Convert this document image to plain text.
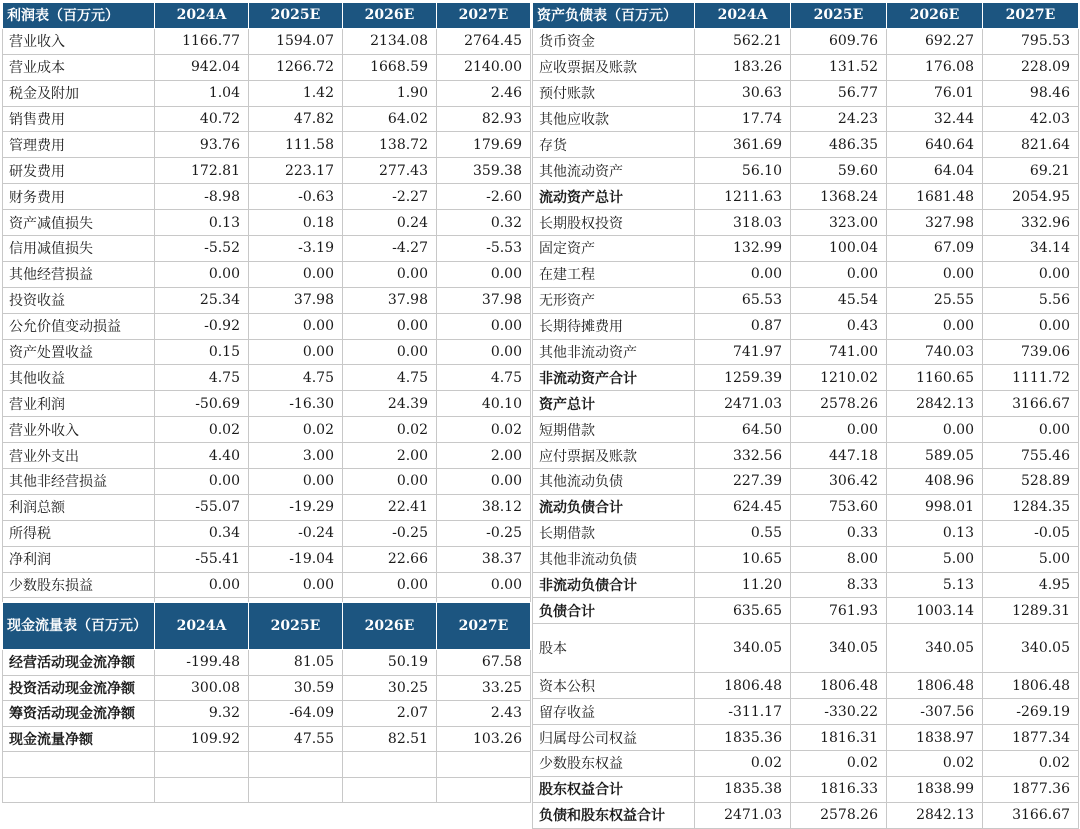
利润表（百万元）	2024A	2025E	2026E	2027E
营业收入	1166.77	1594.07	2134.08	2764.45
营业成本	942.04	1266.72	1668.59	2140.00
税金及附加	1.04	1.42	1.90	2.46
销售费用	40.72	47.82	64.02	82.93
管理费用	93.76	111.58	138.72	179.69
研发费用	172.81	223.17	277.43	359.38
财务费用	-8.98	-0.63	-2.27	-2.60
资产减值损失	0.13	0.18	0.24	0.32
信用减值损失	-5.52	-3.19	-4.27	-5.53
其他经营损益	0.00	0.00	0.00	0.00
投资收益	25.34	37.98	37.98	37.98
公允价值变动损益	-0.92	0.00	0.00	0.00
资产处置收益	0.15	0.00	0.00	0.00
其他收益	4.75	4.75	4.75	4.75
营业利润	-50.69	-16.30	24.39	40.10
营业外收入	0.02	0.02	0.02	0.02
营业外支出	4.40	3.00	2.00	2.00
其他非经营损益	0.00	0.00	0.00	0.00
利润总额	-55.07	-19.29	22.41	38.12
所得税	0.34	-0.24	-0.25	-0.25
净利润	-55.41	-19.04	22.66	38.37
少数股东损益	0.00	0.00	0.00	0.00

现金流量表（百万元）	2024A	2025E	2026E	2027E
经营活动现金流净额	-199.48	81.05	50.19	67.58
投资活动现金流净额	300.08	30.59	30.25	33.25
筹资活动现金流净额	9.32	-64.09	2.07	2.43
现金流量净额	109.92	47.55	82.51	103.26

资产负债表（百万元）	2024A	2025E	2026E	2027E
货币资金	562.21	609.76	692.27	795.53
应收票据及账款	183.26	131.52	176.08	228.09
预付账款	30.63	56.77	76.01	98.46
其他应收款	17.74	24.23	32.44	42.03
存货	361.69	486.35	640.64	821.64
其他流动资产	56.10	59.60	64.04	69.21
流动资产总计	1211.63	1368.24	1681.48	2054.95
长期股权投资	318.03	323.00	327.98	332.96
固定资产	132.99	100.04	67.09	34.14
在建工程	0.00	0.00	0.00	0.00
无形资产	65.53	45.54	25.55	5.56
长期待摊费用	0.87	0.43	0.00	0.00
其他非流动资产	741.97	741.00	740.03	739.06
非流动资产合计	1259.39	1210.02	1160.65	1111.72
资产总计	2471.03	2578.26	2842.13	3166.67
短期借款	64.50	0.00	0.00	0.00
应付票据及账款	332.56	447.18	589.05	755.46
其他流动负债	227.39	306.42	408.96	528.89
流动负债合计	624.45	753.60	998.01	1284.35
长期借款	0.55	0.33	0.13	-0.05
其他非流动负债	10.65	8.00	5.00	5.00
非流动负债合计	11.20	8.33	5.13	4.95
负债合计	635.65	761.93	1003.14	1289.31
股本	340.05	340.05	340.05	340.05
资本公积	1806.48	1806.48	1806.48	1806.48
留存收益	-311.17	-330.22	-307.56	-269.19
归属母公司权益	1835.36	1816.31	1838.97	1877.34
少数股东权益	0.02	0.02	0.02	0.02
股东权益合计	1835.38	1816.33	1838.99	1877.36
负债和股东权益合计	2471.03	2578.26	2842.13	3166.67
